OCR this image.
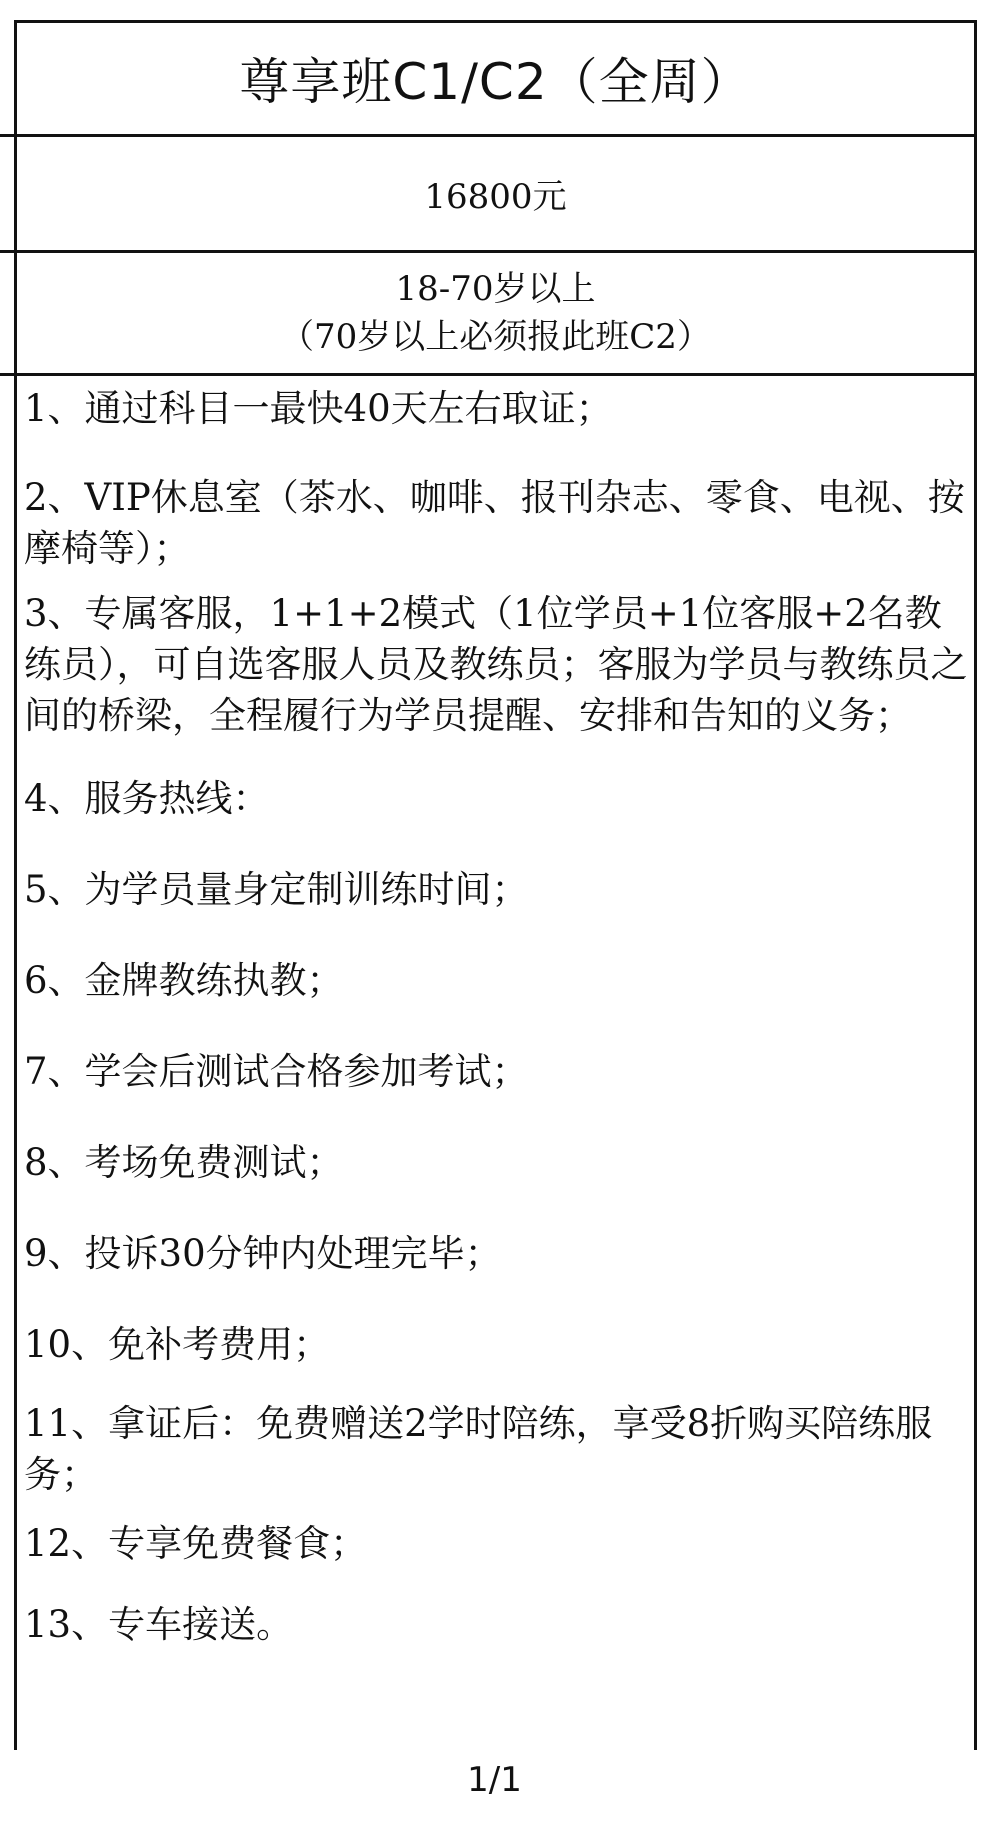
尊享班C1/C2（全周）
16800元
18-70岁以上
（70岁以上必须报此班C2）

1、通过科目一最快40天左右取证；

2、VIP休息室（茶水、咖啡、报刊杂志、零食、电视、按摩椅等）；

3、专属客服，1+1+2模式（1位学员+1位客服+2名教练员），可自选客服人员及教练员；客服为学员与教练员之间的桥梁，全程履行为学员提醒、安排和告知的义务；

4、服务热线：

5、为学员量身定制训练时间；

6、金牌教练执教；

7、学会后测试合格参加考试；

8、考场免费测试；

9、投诉30分钟内处理完毕；

10、免补考费用；

11、拿证后：免费赠送2学时陪练，享受8折购买陪练服务；

12、专享免费餐食；

13、专车接送。

1/1
